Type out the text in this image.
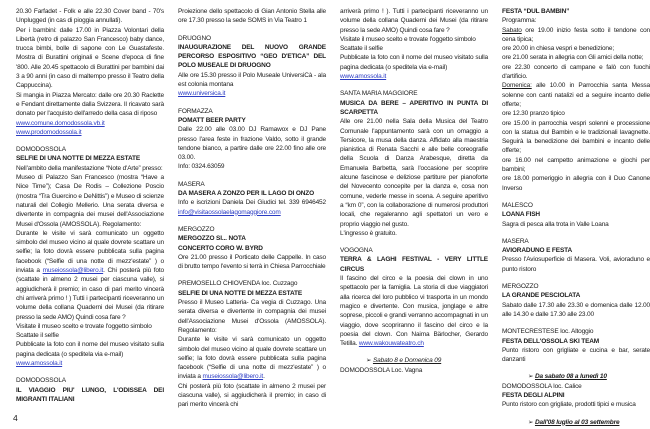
20.30 Farfadet - Folk e alle 22.30 Cover band - 70's Unplugged (in cas di pioggia annullati).

Per i bambini: dalle 17.00 in Piazza Volontari della Libertà (retro di palazzo San Francesco) baby dance, trucca bimbi, bolle di sapone con Le Guastafeste. Mostra di Burattini originali e Scene d'epoca di fine '800. Alle 20.45 spettacolo di Burattini per bambini dai 3 a 90 anni (in caso di maltempo presso il Teatro della Cappuccina).

Si mangia in Piazza Mercato: dalle ore 20.30 Raclette e Fendant direttamente dalla Svizzera. Il ricavato sarà donato per l'acquisto dell'arredo della casa di riposo

www.comune.domodossola.vb.it

www.prodomodossola.it

DOMODOSSOLA

SELFIE DI UNA NOTTE DI MEZZA ESTATE

Nell'ambito della manifestazione “Note d'Arte” presso:

Museo di Palazzo San Francesco (mostra “Have a Nice Time”); Casa De Rodis – Collezione Poscio (mostra “Tra Guercino e DeNittis”) e Museo di scienze naturali del Collegio Mellerio. Una serata diversa e divertente in compagnia dei musei dell'Associazione Musei d'Ossola (AMOSSOLA). Regolamento:

Durante le visite vi sarà comunicato un oggetto simbolo del museo vicino al quale dovrete scattare un selfie; la foto dovrà essere pubblicata sulla pagina facebook (“Selfie di una notte di mezz'estate” ) o inviata a museiossola@libero.it. Chi posterà più foto (scattate in almeno 2 musei per ciascuna valle), si aggiudicherà il premio; in caso di pari merito vincerà chi arriverà primo ! ) Tutti i partecipanti riceveranno un volume della collana Quaderni dei Musei (da ritirare presso la sede AMO) Quindi cosa fare ?

Visitate il museo scelto e trovate l'oggetto simbolo

Scattate il selfie

Pubblicate la foto con il nome del museo visitato sulla pagina dedicata (o speditela via e-mail)

www.amossola.it

DOMODOSSOLA

IL VIAGGIO PIU' LUNGO, L'ODISSEA DEI MIGRANTI ITALIANI

Proiezione dello spettacolo di Gian Antonio Stella alle ore 17.30 presso la sede SOMS in Via Teatro 1

DRUOGNO

INAUGURAZIONE DEL NUOVO GRANDE PERCORSO ESPOSITIVO “GEO D'ETICA” DEL POLO MUSEALE DI DRUOGNO

Alle ore 15.30 presso il Polo Museale UniversiCà - ala est colonia montana

www.universica.it

FORMAZZA

POMATT BEER PARTY

Dalle 22.00 alle 03.00 DJ Ramawox e DJ Pane presso l'area feste in frazione Valdo, sotto il grande tendone bianco, a partire dalle ore 22.00 fino alle ore 03.00.

Info: 0324.63059

MASERA

DA MASERA A ZONZO PER IL LAGO DI ONZO

Info e iscrizioni Daniela Dei Giudici tel. 339 6946452 info@visitaossolaelagomaggiore.com

MERGOZZO

MERGOZZO SI... NOTA

CONCERTO CORO W. BYRD

Ore 21.00 presso il Porticato delle Cappelle. In caso di brutto tempo l'evento si terrà in Chiesa Parrocchiale

PREMOSELLO CHIOVENDA loc. Cuzzago

SELFIE DI UNA NOTTE DI MEZZA ESTATE

Presso il Museo Latteria- Ca vegia di Cuzzago. Una serata diversa e divertente in compagnia dei musei dell'Associazione Musei d'Ossola (AMOSSOLA). Regolamento:

Durante le visite vi sarà comunicato un oggetto simbolo del museo vicino al quale dovrete scattare un selfie; la foto dovrà essere pubblicata sulla pagina facebook (“Selfie di una notte di mezz'estate” ) o inviata a museiossola@libero.it.

Chi posterà più foto (scattate in almeno 2 musei per ciascuna valle), si aggiudicherà il premio; in caso di pari merito vincerà chi

arriverà primo ! ). Tutti i partecipanti riceveranno un volume della collana Quaderni dei Musei (da ritirare presso la sede AMO) Quindi cosa fare ?

Visitate il museo scelto e trovate l'oggetto simbolo

Scattate il selfie

Pubblicate la foto con il nome del museo visitato sulla pagina dedicata (o speditela via e-mail)

www.amossola.it

SANTA MARIA MAGGIORE

MUSICA DA BERE – APERITIVO IN PUNTA DI SCARPETTA

Alle ore 21.00 nella Sala della Musica del Teatro Comunale l'appuntamento sarà con un omaggio a Tersicore, la musa della danza. Affidato alla maestria pianistica di Renata Sacchi e alle belle coreografie della Scuola di Danza Arabesque, diretta da Emanuela Barbetta, sarà l'occasione per scoprire alcune fascinose e deliziose partiture per pianoforte del Novecento concepite per la danza e, cosa non comune, vederle messe in scena. A seguire aperitivo a “km 0”, con la collaborazione di numerosi produttori locali, che regaleranno agli spettatori un vero e proprio viaggio nel gusto.

L'ingresso è gratuito.

VOGOGNA

TERRA & LAGHI FESTIVAL - VERY LITTLE CIRCUS

Il fascino del circo e la poesia dei clown in uno spettacolo per la famiglia. La storia di due viaggiatori alla ricerca del loro pubblico vi trasporta in un mondo magico e divertente. Con musica, jonglage e altre soprese, piccoli e grandi verranno accompagnati in un viaggio, dove scopriranno il fascino del circo e la poesia del clown. Con Naima Bärlocher, Gerardo Tetilla. www.wakouwateatro.ch

➢ Sabato 8 e Domenica 09

DOMODOSSOLA Loc. Vagna

FESTA “DUL BAMBIN”

Programma:

Sabato ore 19.00 inizio festa sotto il tendone con cena tipica;

ore 20.00 in chiesa vespri e benedizione;

ore 21.00 serata in allegria con Gli amici della notte;

ore 22.30 concerto di campane e falò con fuochi d'artificio.

Domenica: alle 10.00 in Parrocchia santa Messa solenne con canti natalizi ed a seguire incanto delle offerte;

ore 12.30 pranzo tipico

ore 15.00 in parrocchia vespri solenni e processione con la statua dul Bambin e le tradizionali lavagnette. Seguirà la benedizione dei bambini e incanto delle offerte;

ore 16.00 nel campetto animazione e giochi per bambini;

ore 18.00 pomeriggio in allegria con il Duo Canone Inverso

MALESCO

LOANA FISH

Sagra di pesca alla trota in Valle Loana

MASERA

AVIORADUNO E FESTA

Presso l'Aviosuperficie di Masera. Voli, avioraduno e punto ristoro

MERGOZZO

LA GRANDE PESCIOLATA

Sabato dalle 17.30 alle 23.30 e domenica dalle 12.00 alle 14.30 e dalle 17.30 alle 23.00

MONTECRESTESE loc. Altoggio

FESTA DELL'OSSOLA SKI TEAM

Punto ristoro con grigliate e cucina e bar, serate danzanti

➢ Da sabato 08 a lunedì 10

DOMODOSSOLA loc. Calice

FESTA DEGLI ALPINI

Punto ristoro con grigliate, prodotti tipici e musica

➢ Dall'08 luglio al 03 settembre

4
